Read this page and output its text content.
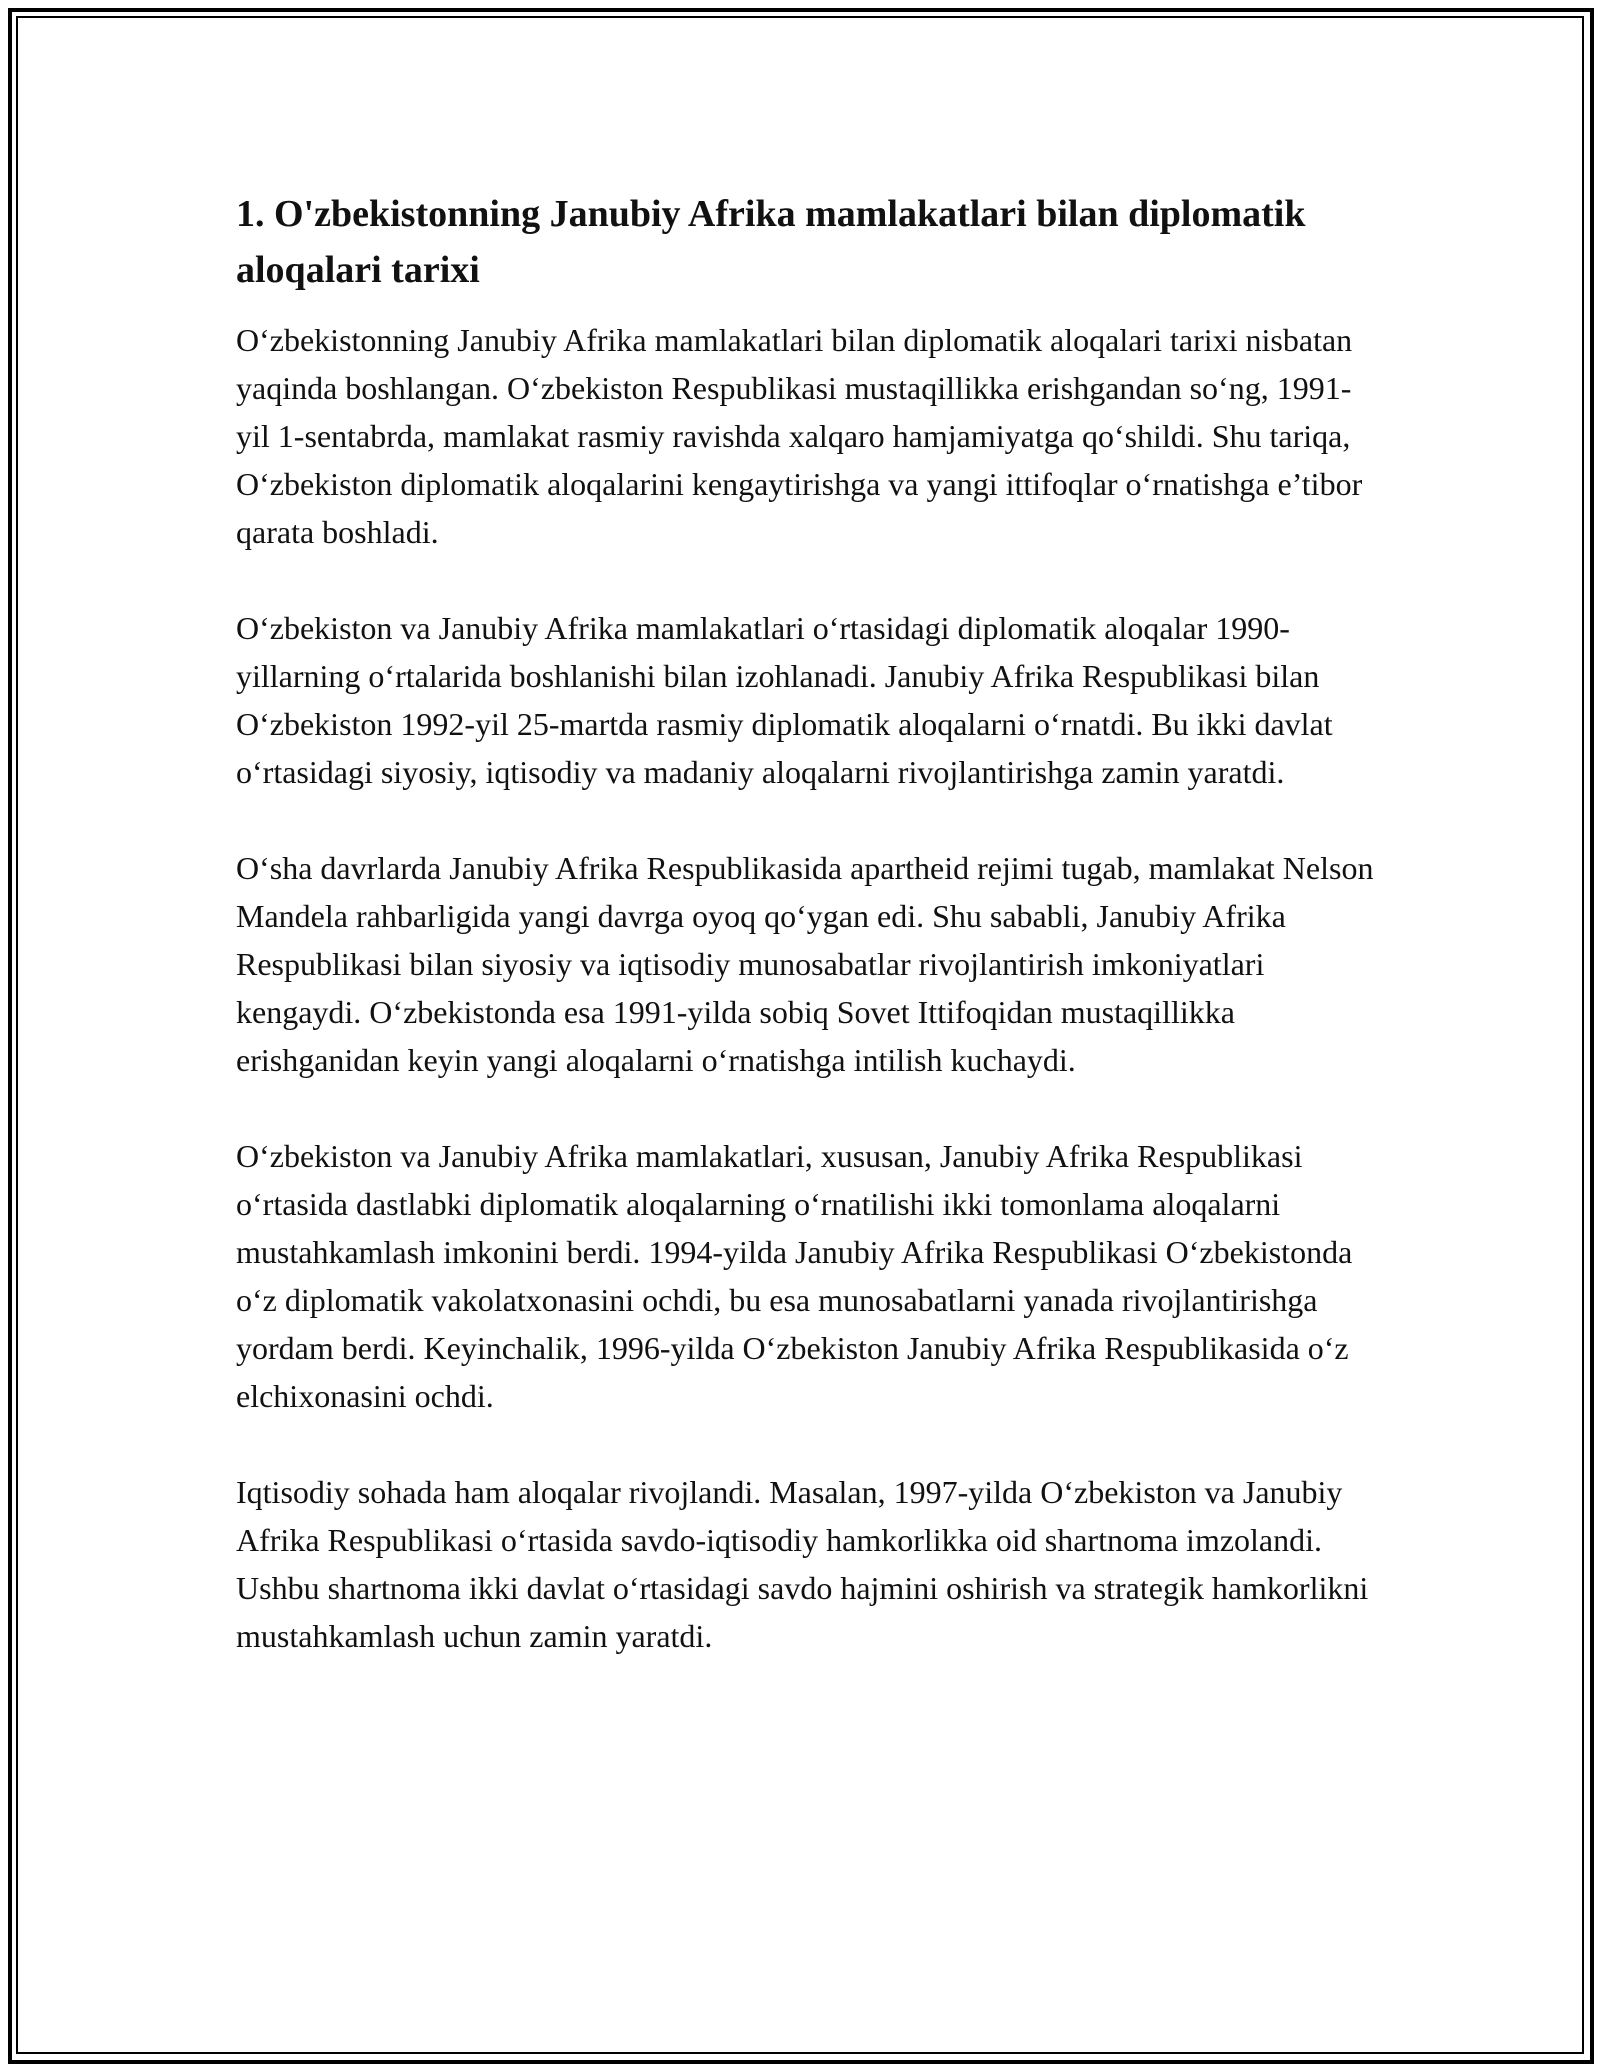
1. O'zbekistonning Janubiy Afrika mamlakatlari bilan diplomatik aloqalari tarixi

O‘zbekistonning Janubiy Afrika mamlakatlari bilan diplomatik aloqalari tarixi nisbatan yaqinda boshlangan. O‘zbekiston Respublikasi mustaqillikka erishgandan so‘ng, 1991-yil 1-sentabrda, mamlakat rasmiy ravishda xalqaro hamjamiyatga qo‘shildi. Shu tariqa, O‘zbekiston diplomatik aloqalarini kengaytirishga va yangi ittifoqlar o‘rnatishga e’tibor qarata boshladi.

O‘zbekiston va Janubiy Afrika mamlakatlari o‘rtasidagi diplomatik aloqalar 1990-yillarning o‘rtalarida boshlanishi bilan izohlanadi. Janubiy Afrika Respublikasi bilan O‘zbekiston 1992-yil 25-martda rasmiy diplomatik aloqalarni o‘rnatdi. Bu ikki davlat o‘rtasidagi siyosiy, iqtisodiy va madaniy aloqalarni rivojlantirishga zamin yaratdi.

O‘sha davrlarda Janubiy Afrika Respublikasida apartheid rejimi tugab, mamlakat Nelson Mandela rahbarligida yangi davrga oyoq qo‘ygan edi. Shu sababli, Janubiy Afrika Respublikasi bilan siyosiy va iqtisodiy munosabatlar rivojlantirish imkoniyatlari kengaydi. O‘zbekistonda esa 1991-yilda sobiq Sovet Ittifoqidan mustaqillikka erishganidan keyin yangi aloqalarni o‘rnatishga intilish kuchaydi.

O‘zbekiston va Janubiy Afrika mamlakatlari, xususan, Janubiy Afrika Respublikasi o‘rtasida dastlabki diplomatik aloqalarning o‘rnatilishi ikki tomonlama aloqalarni mustahkamlash imkonini berdi. 1994-yilda Janubiy Afrika Respublikasi O‘zbekistonda o‘z diplomatik vakolatxonasini ochdi, bu esa munosabatlarni yanada rivojlantirishga yordam berdi. Keyinchalik, 1996-yilda O‘zbekiston Janubiy Afrika Respublikasida o‘z elchixonasini ochdi.

Iqtisodiy sohada ham aloqalar rivojlandi. Masalan, 1997-yilda O‘zbekiston va Janubiy Afrika Respublikasi o‘rtasida savdo-iqtisodiy hamkorlikka oid shartnoma imzolandi. Ushbu shartnoma ikki davlat o‘rtasidagi savdo hajmini oshirish va strategik hamkorlikni mustahkamlash uchun zamin yaratdi.
